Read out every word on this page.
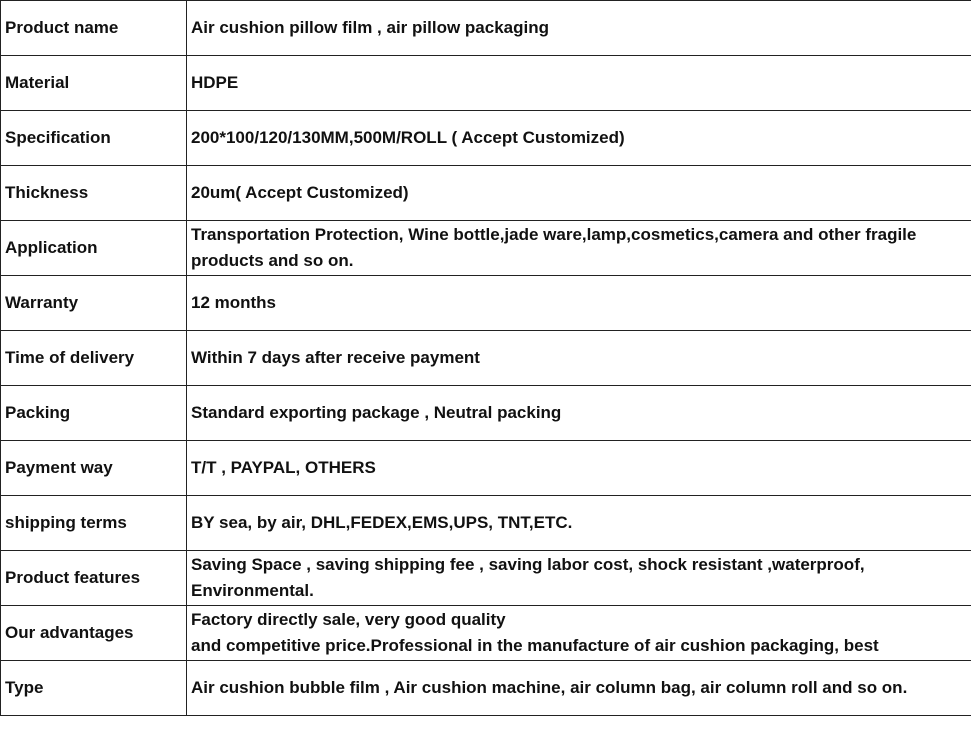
Product name	Air cushion pillow film , air pillow packaging

Material	HDPE

Specification	200*100/120/130MM,500M/ROLL ( Accept Customized)

Thickness	20um( Accept Customized)

Application	Transportation Protection, Wine bottle,jade ware,lamp,cosmetics,camera and other fragile
products and so on.

Warranty	12 months

Time of delivery	Within 7 days after receive payment

Packing	Standard exporting package , Neutral packing

Payment way	T/T , PAYPAL, OTHERS

shipping terms	BY sea, by air, DHL,FEDEX,EMS,UPS, TNT,ETC.

Product features	Saving Space , saving shipping fee , saving labor cost, shock resistant ,waterproof,
Environmental.

Our advantages	Factory directly sale, very good quality
and competitive price.Professional in the manufacture of air cushion packaging, best

Type	Air cushion bubble film , Air cushion machine, air column bag, air column roll and so on.
